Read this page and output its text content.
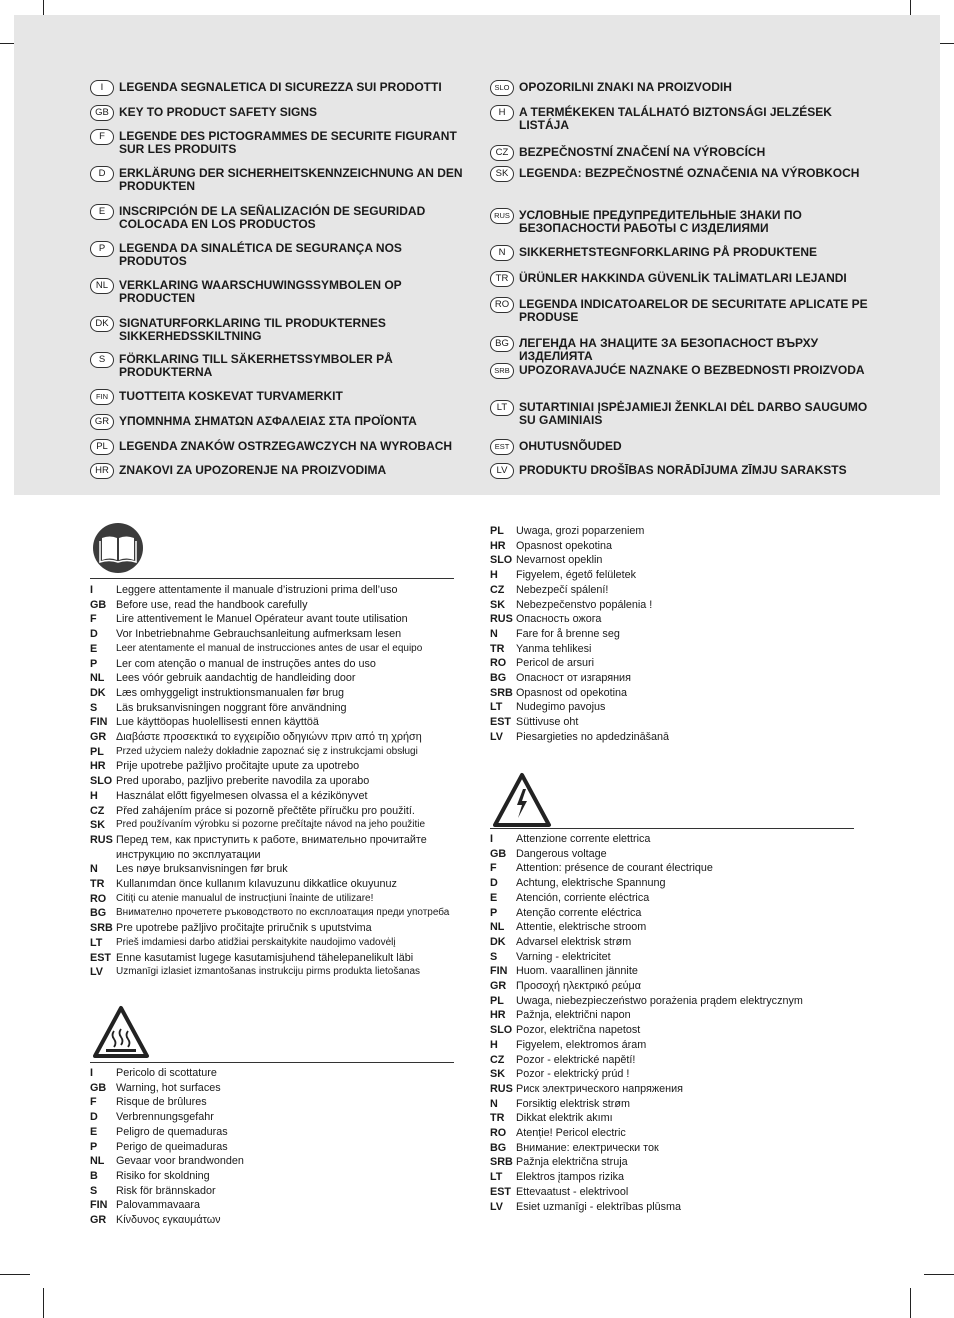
I	LEGENDA SEGNALETICA DI SICUREZZA SUI PRODOTTI
GB KEY TO PRODUCT SAFETY SIGNS
F	LEGENDE DES PICTOGRAMMES DE SECURITE FIGURANT SUR LES PRODUITS
D	ERKLÄRUNG DER SICHERHEITSKENNZEICHNUNG AN DEN PRODUKTEN
E	INSCRIPCIÓN DE LA SEÑALIZACIÓN DE SEGURIDAD COLOCADA EN LOS PRODUCTOS
P	LEGENDA DA SINALÉTICA DE SEGURANÇA NOS PRODUTOS
NL VERKLARING WAARSCHUWINGSSYMBOLEN OP PRODUCTEN
DK SIGNATURFORKLARING TIL PRODUKTERNES SIKKERHEDSSKILTNING
S	FÖRKLARING TILL SÄKERHETSSYMBOLER PÅ PRODUKTERNA
FIN TUOTTEITA KOSKEVAT TURVAMERKIT
GR ΥΠΟΜΝΗΜΑ ΣΗΜΑΤΩΝ ΑΣΦΑΛΕΙΑΣ ΣΤΑ ΠΡΟΪΟΝΤΑ
PL LEGENDA ZNAKÓW OSTRZEGAWCZYCH NA WYROBACH
HR ZNAKOVI ZA UPOZORENJE NA PROIZVODIMA
SLO OPOZORILNI ZNAKI NA PROIZVODIH
H	A TERMÉKEKEN TALÁLHATÓ BIZTONSÁGI JELZÉSEK LISTÁJA
CZ BEZPEČNOSTNÍ ZNAČENÍ NA VÝROBCÍCH
SK LEGENDA: BEZPEČNOSTNÉ OZNAČENIA NA VÝROBKOCH
RUS УСЛОВНЫЕ ПРЕДУПРЕДИТЕЛЬНЫЕ ЗНАКИ ПО БЕЗОПАСНОСТИ РАБОТЫ С ИЗДЕЛИЯМИ
N	SIKKERHETSTEGNFORKLARING PÅ PRODUKTENE
TR ÜRÜNLER HAKKINDA GÜVENLİK TALİMATLARI LEJANDI
RO LEGENDA INDICATOARELOR DE SECURITATE APLICATE PE PRODUSE
BG ЛЕГЕНДА НА ЗНАЦИТЕ ЗА БЕЗОПАСНОСТ ВЪРХУ ИЗДЕЛИЯТА
SRB UPOZORAVAJUĆE NAZNAKE O BEZBEDNOSTI PROIZVODA
LT SUTARTINIAI ĮSPĖJAMIEJI ŽENKLAI DĖL DARBO SAUGUMO SU GAMINIAIS
EST OHUTUSNÕUDED
LV PRODUKTU DROŠĪBAS NORĀDĪJUMA ZĪMJU SARAKSTS
I	Leggere attentamente il manuale d’istruzioni prima dell’uso
GB Before use, read the handbook carefully
F	Lire attentivement le Manuel Opérateur avant toute utilisation
D	Vor Inbetriebnahme Gebrauchsanleitung aufmerksam lesen
E	Leer atentamente el manual de instrucciones antes de usar el equipo
P	Ler com atenção o manual de instruções antes do uso
NL	Lees vóór gebruik aandachtig de handleiding door
DK Læs omhyggeligt instruktionsmanualen før brug
S	Läs bruksanvisningen noggrant före användning
FIN Lue käyttöopas huolellisesti ennen käyttöä
GR Διαβάστε προσεκτικά το εγχειρίδιο οδηγιώνν πριν από τη χρήση
PL	Przed użyciem należy dokładnie zapoznać się z instrukcjami obsługi
HR Prije upotrebe pažljivo pročitajte upute za upotrebo
SLO Pred uporabo, pazljivo preberite navodila za uporabo
H	Használat előtt figyelmesen olvassa el a kézikönyvet
CZ	Před zahájením práce si pozorně přečtěte příručku pro použití.
SK	Pred používaním výrobku si pozorne prečítajte návod na jeho použitie
RUS Перед тем, как приступить к работе, внимательно прочитайте
инструкцию по эксплуатации
N	Les nøye bruksanvisningen før bruk
TR	Kullanımdan önce kullanım kılavuzunu dikkatlice okuyunuz
RO Citiți cu atenie manualul de instrucțiuni înainte de utilizare!
BG Внимателно прочетете ръководството по експлоатация преди употреба
SRB Pre upotrebe pažljivo pročitajte priručnik s uputstvima
LT	Prieš imdamiesi darbo atidžiai perskaitykite naudojimo vadovėlį
EST Enne kasutamist lugege kasutamisjuhend tähelepanelikult läbi
LV	Uzmanīgi izlasiet izmantošanas instrukciju pirms produkta lietošanas
I	Pericolo di scottature
GB Warning, hot surfaces
F	Risque de brûlures
D	Verbrennungsgefahr
E	Peligro de quemaduras
P	Perigo de queimaduras
NL	Gevaar voor brandwonden
B	Risiko for skoldning
S	Risk för brännskador
FIN Palovammavaara
GR Κίνδυνος εγκαυμάτων
PL	Uwaga, grozi poparzeniem
HR Opasnost opekotina
SLO Nevarnost opeklin
H	Figyelem, égető felületek
CZ	Nebezpečí spálení!
SK	Nebezpečenstvo popálenia !
RUS Опасность ожога
N	Fare for å brenne seg
TR	Yanma tehlikesi
RO Pericol de arsuri
BG Опасност от изгаряния
SRB Opasnost od opekotina
LT	Nudegimo pavojus
EST Süttivuse oht
LV	Piesargieties no apdedzināšanā
I	Attenzione corrente elettrica
GB Dangerous voltage
F	Attention: présence de courant électrique
D	Achtung, elektrische Spannung
E	Atención, corriente eléctrica
P	Atenção corrente eléctrica
NL	Attentie, elektrische stroom
DK Advarsel elektrisk strøm
S	Varning - elektricitet
FIN Huom. vaarallinen jännite
GR Προσοχή ηλεκτρικό ρεύμα
PL	Uwaga, niebezpieczeństwo porażenia prądem elektrycznym
HR Pažnja, električni napon
SLO Pozor, električna napetost
H	Figyelem, elektromos áram
CZ	Pozor - elektrické napětí!
SK	Pozor - elektrický prúd !
RUS Риск электрического напряжения
N	Forsiktig elektrisk strøm
TR	Dikkat elektrik akımı
RO Atenție! Pericol electric
BG Внимание: електрически ток
SRB Pažnja električna struja
LT	Elektros įtampos rizika
EST Ettevaatust - elektrivool
LV	Esiet uzmanīgi - elektrības plūsma
